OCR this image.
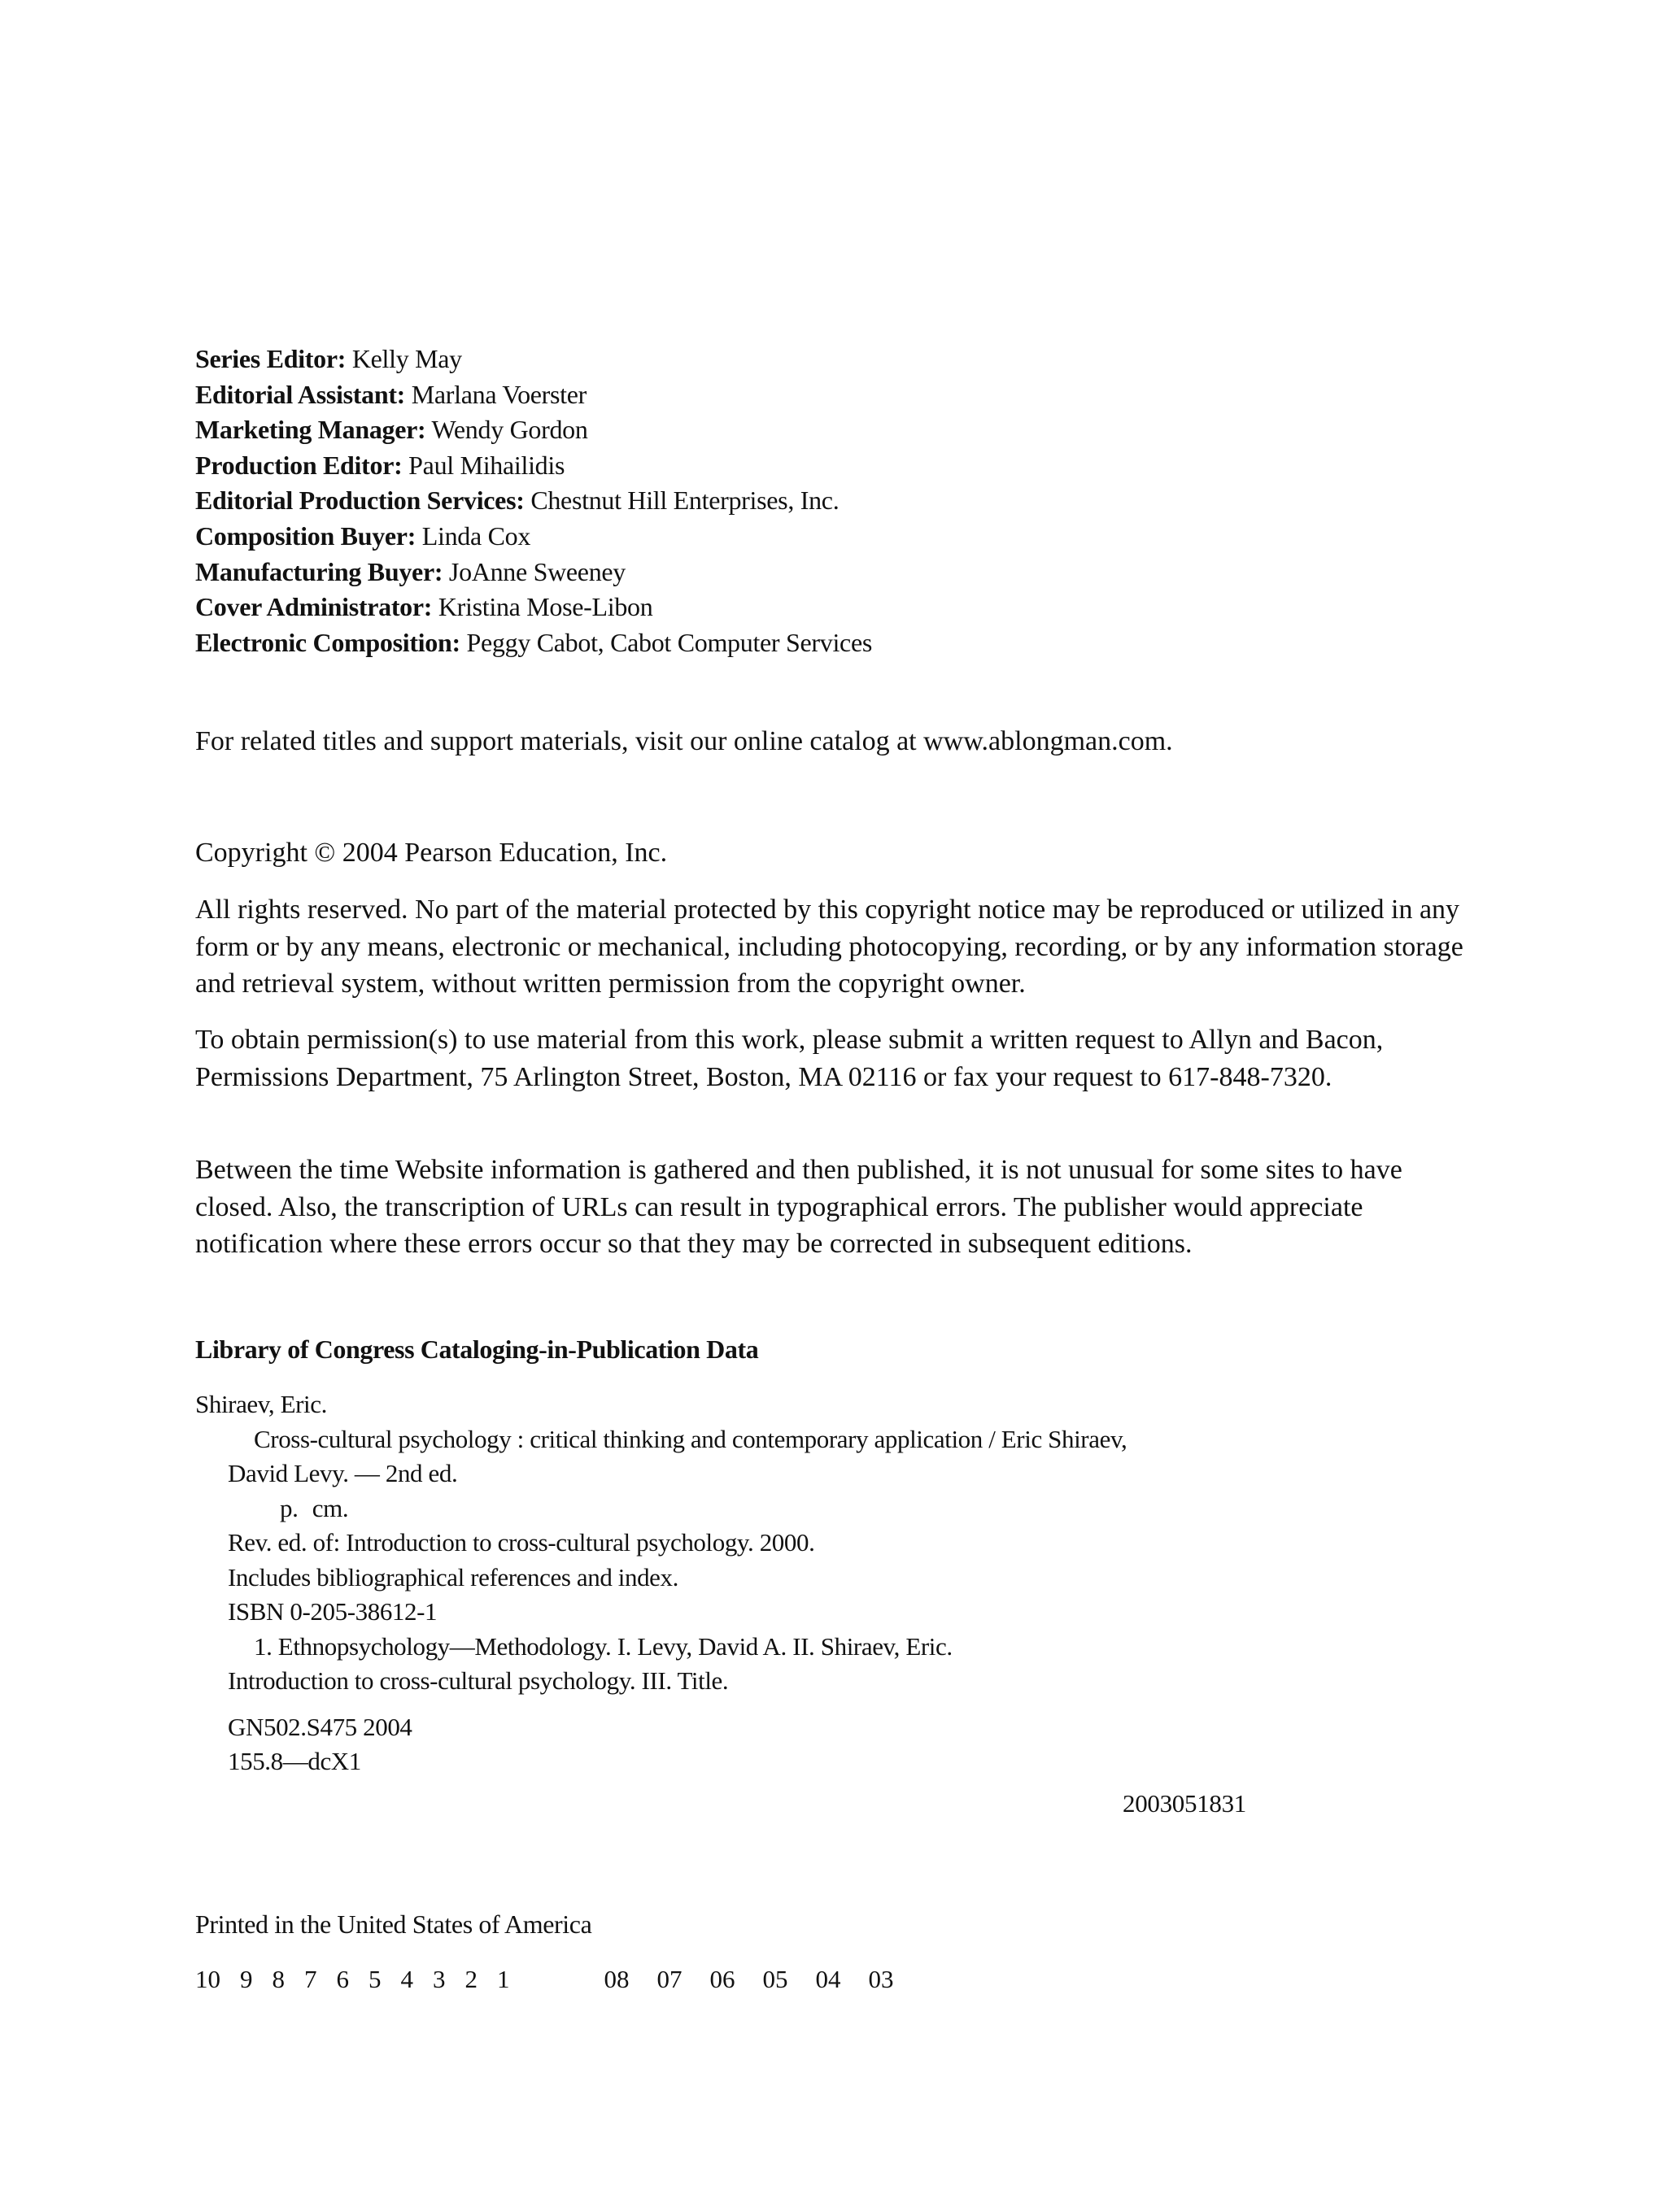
Series Editor: Kelly May
Editorial Assistant: Marlana Voerster
Marketing Manager: Wendy Gordon
Production Editor: Paul Mihailidis
Editorial Production Services: Chestnut Hill Enterprises, Inc.
Composition Buyer: Linda Cox
Manufacturing Buyer: JoAnne Sweeney
Cover Administrator: Kristina Mose-Libon
Electronic Composition: Peggy Cabot, Cabot Computer Services
For related titles and support materials, visit our online catalog at www.ablongman.com.
Copyright © 2004 Pearson Education, Inc.
All rights reserved. No part of the material protected by this copyright notice may be reproduced or utilized in any form or by any means, electronic or mechanical, including photocopying, recording, or by any information storage and retrieval system, without written permission from the copyright owner.
To obtain permission(s) to use material from this work, please submit a written request to Allyn and Bacon, Permissions Department, 75 Arlington Street, Boston, MA 02116 or fax your request to 617-848-7320.
Between the time Website information is gathered and then published, it is not unusual for some sites to have closed. Also, the transcription of URLs can result in typographical errors. The publisher would appreciate notification where these errors occur so that they may be corrected in subsequent editions.
Library of Congress Cataloging-in-Publication Data
Shiraev, Eric.
Cross-cultural psychology : critical thinking and contemporary application / Eric Shiraev,
David Levy. — 2nd ed.
p. cm.
Rev. ed. of: Introduction to cross-cultural psychology. 2000.
Includes bibliographical references and index.
ISBN 0-205-38612-1
1. Ethnopsychology—Methodology. I. Levy, David A. II. Shiraev, Eric.
Introduction to cross-cultural psychology. III. Title.
GN502.S475 2004
155.8—dcX1
2003051831
Printed in the United States of America
10 9 8 7 6 5 4 3 2 1	08 07 06 05 04 03
